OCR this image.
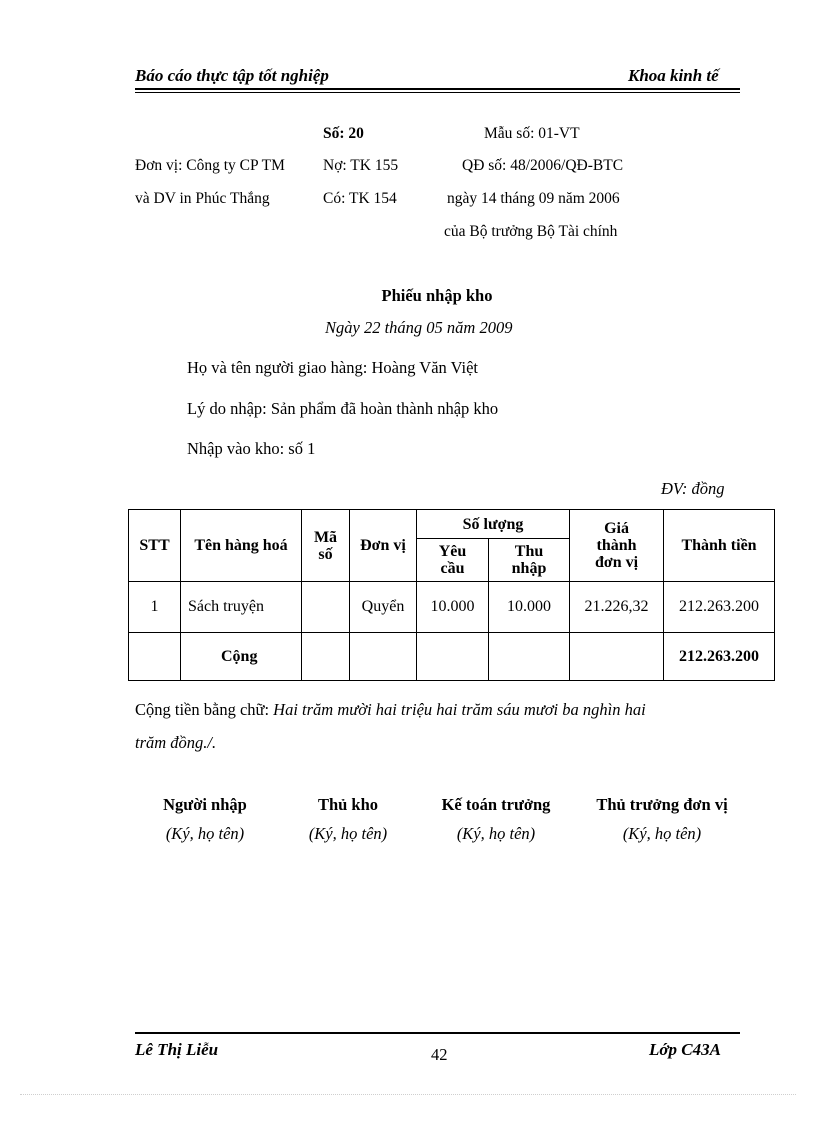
Báo cáo thực tập tốt nghiệp	Khoa kinh tế
Số: 20	Mẫu số: 01-VT
Đơn vị: Công ty CP TM Nợ: TK 155	QĐ số: 48/2006/QĐ-BTC
và DV in Phúc Thắng	Có: TK 154	ngày 14 tháng 09 năm 2006
của Bộ trưởng Bộ Tài chính
Phiếu nhập kho
Ngày 22 tháng 05 năm 2009
Họ và tên người giao hàng: Hoàng Văn Việt
Lý do nhập: Sản phẩm đã hoàn thành nhập kho
Nhập vào kho: số 1
ĐV: đồng
STT	Tên hàng hoá	Mã số	Đơn vị	Số lượng		Giá thành đơn vị	Thành tiền
				Yêu cầu	Thu nhập		
1	Sách truyện		Quyển	10.000	10.000	21.226,32	212.263.200
	Cộng						212.263.200
Cộng tiền bằng chữ: Hai trăm mười hai triệu hai trăm sáu mươi ba nghìn hai
trăm đồng./.
Người nhập
(Ký, họ tên)
Thủ kho
(Ký, họ tên)
Kế toán trưởng
(Ký, họ tên)
Thủ trưởng đơn vị
(Ký, họ tên)
Lê Thị Liễu	42	Lớp C43A
